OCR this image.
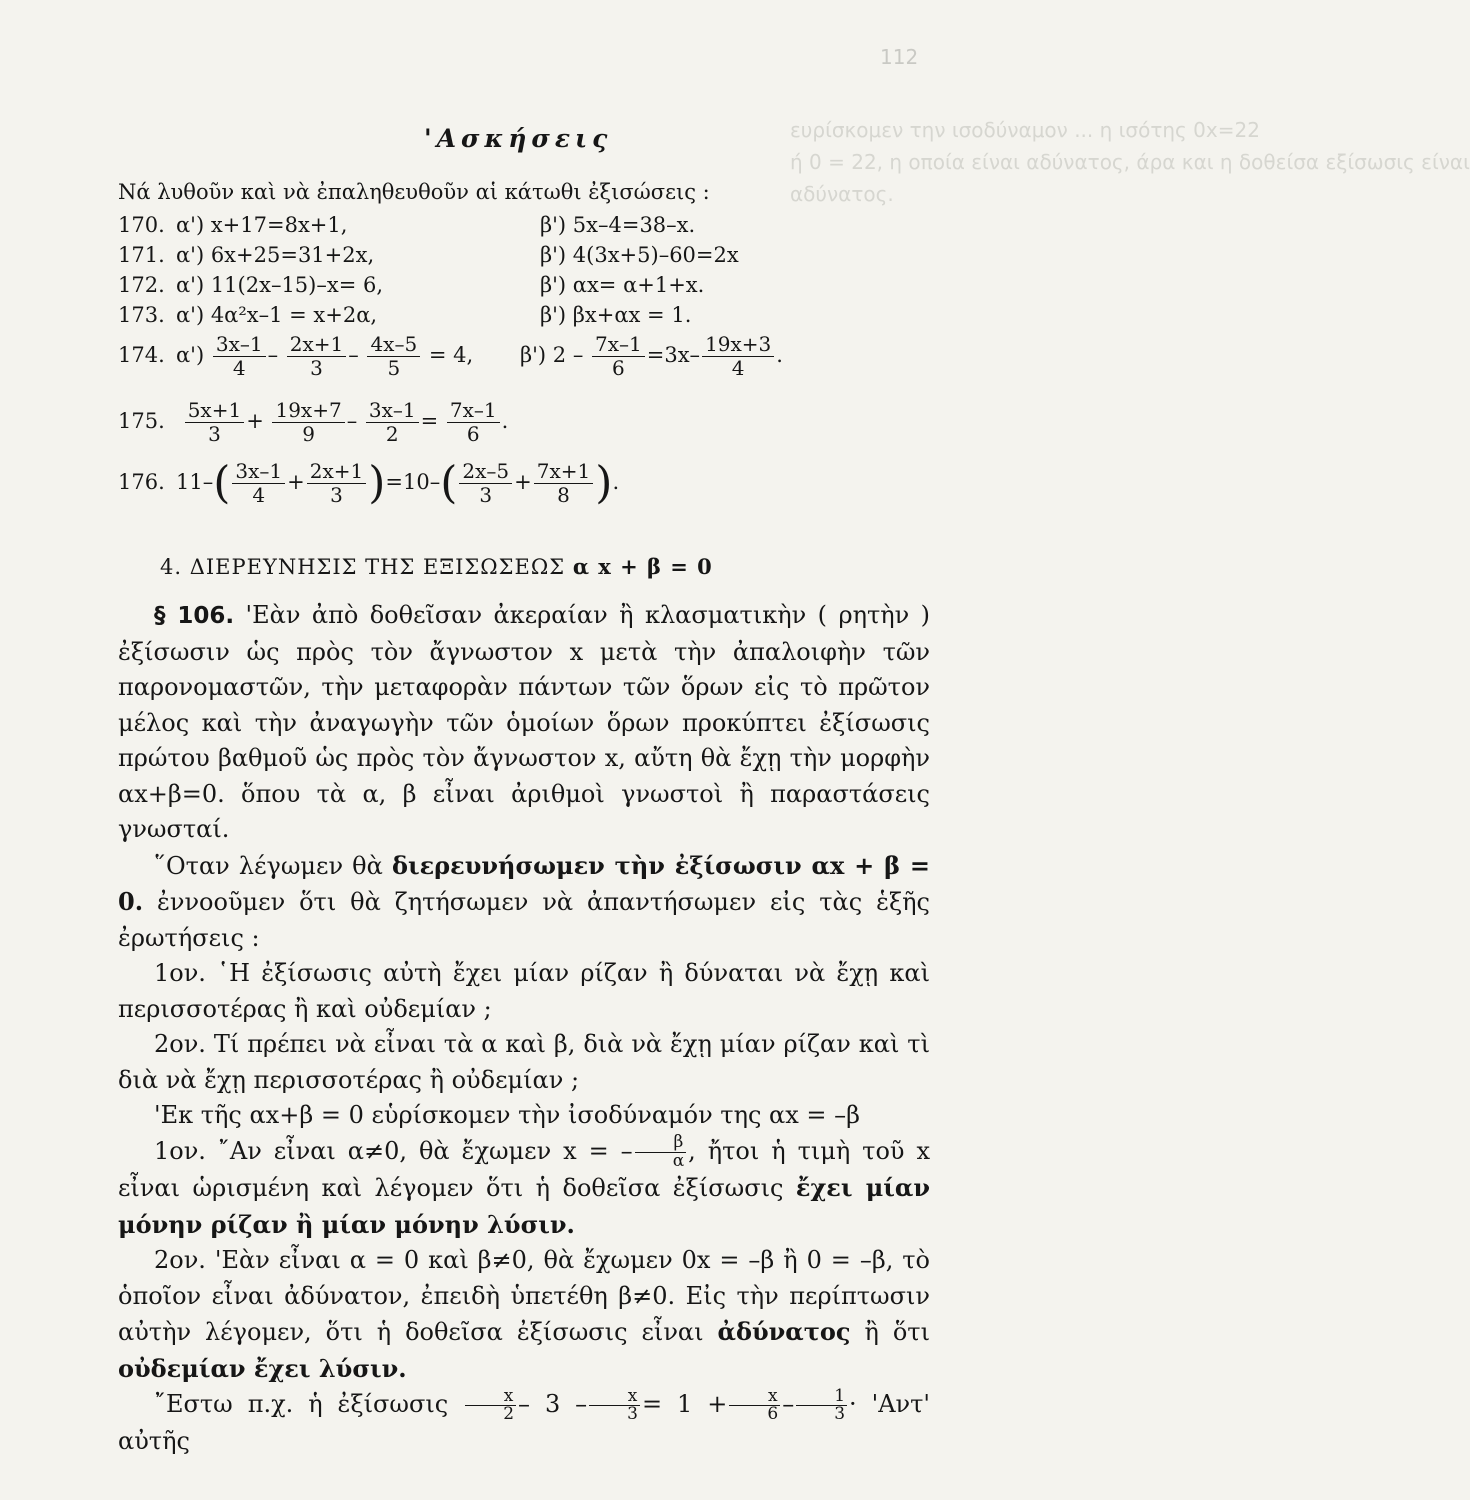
112
ευρίσκομεν την ισοδύναμον ... η ισότης 0x=22
ή 0 = 22, η οποία είναι αδύνατος, άρα και η δοθείσα εξίσωσις είναι
αδύνατος.
'Ασκήσεις
Νά λυθοῦν καὶ νὰ ἐπαληθευθοῦν αἱ κάτωθι ἐξισώσεις :
170. α') x+17=8x+1,	β') 5x–4=38–x.
171. α') 6x+25=31+2x,	β') 4(3x+5)–60=2x
172. α') 11(2x–15)–x= 6,	β') αx= α+1+x.
173. α') 4α²x–1 = x+2α,	β') βx+αx = 1.
174. $\alpha') \frac{3x-1}{4} - \frac{2x+1}{3} - \frac{4x-5}{5} = 4$, β') $2 - \frac{7x-1}{6} =3x- \frac{19x+3}{4}$ .
175. $\frac{5x+1}{3} + \frac{19x+7}{9} - \frac{3x-1}{2} = \frac{7x-1}{6}$ .
176. $11-( \frac{3x-1}{4} + \frac{2x+1}{3} )=10-( \frac{2x-5}{3} + \frac{7x+1}{8}$ ).
4. ΔΙΕΡΕΥΝΗΣΙΣ ΤΗΣ ΕΞΙΣΩΣΕΩΣ α x + β = 0

§ 106. 'Εὰν ἀπὸ δοθεῖσαν ἀκεραίαν ἢ κλασματικὴν ( ρητὴν ) ἐξίσωσιν ὡς πρὸς τὸν ἄγνωστον x μετὰ τὴν ἀπαλοιφὴν τῶν παρονομαστῶν, τὴν μεταφορὰν πάντων τῶν ὅρων εἰς τὸ πρῶτον μέλος καὶ τὴν ἀναγωγὴν τῶν ὁμοίων ὅρων προκύπτει ἐξίσωσις πρώτου βαθμοῦ ὡς πρὸς τὸν ἄγνωστον x, αὔτη θὰ ἔχῃ τὴν μορφὴν αx+β=0. ὅπου τὰ α, β εἶναι ἀριθμοὶ γνωστοὶ ἢ παραστάσεις γνωσταί.

῞Οταν λέγωμεν θὰ διερευνήσωμεν τὴν ἐξίσωσιν αx + β = 0. ἐννοοῦμεν ὅτι θὰ ζητήσωμεν νὰ ἀπαντήσωμεν εἰς τὰς ἑξῆς ἐρωτήσεις :

1ον. ῾Η ἐξίσωσις αὐτὴ ἔχει μίαν ρίζαν ἢ δύναται νὰ ἔχῃ καὶ περισσοτέρας ἢ καὶ οὐδεμίαν ;

2ον. Τί πρέπει νὰ εἶναι τὰ α καὶ β, διὰ νὰ ἔχῃ μίαν ρίζαν καὶ τὶ διὰ νὰ ἔχῃ περισσοτέρας ἢ οὐδεμίαν ;

'Εκ τῆς αx+β = 0 εὑρίσκομεν τὴν ἰσοδύναμόν της αx = –β

1ον. ῎Αν εἶναι α≠0, θὰ ἔχωμεν x = – $\frac{\beta}{\alpha}$ , ἤτοι ἡ τιμὴ τοῦ x εἶναι ὡρισμένη καὶ λέγομεν ὅτι ἡ δοθεῖσα ἐξίσωσις ἔχει μίαν μόνην ρίζαν ἢ μίαν μόνην λύσιν.

2ον. 'Εὰν εἶναι α = 0 καὶ β≠0, θὰ ἔχωμεν 0x = –β ἢ 0 = –β, τὸ ὁποῖον εἶναι ἀδύνατον, ἐπειδὴ ὑπετέθη β≠0. Εἰς τὴν περίπτωσιν αὐτὴν λέγομεν, ὅτι ἡ δοθεῖσα ἐξίσωσις εἶναι ἀδύνατος ἢ ὅτι οὐδεμίαν ἔχει λύσιν.

῎Εστω π.χ. ἡ ἐξίσωσις $\frac{x}{2} - 3 - \frac{x}{3} = 1 + \frac{x}{6} - \frac{1}{3}$ · 'Αντ' αὐτῆς
